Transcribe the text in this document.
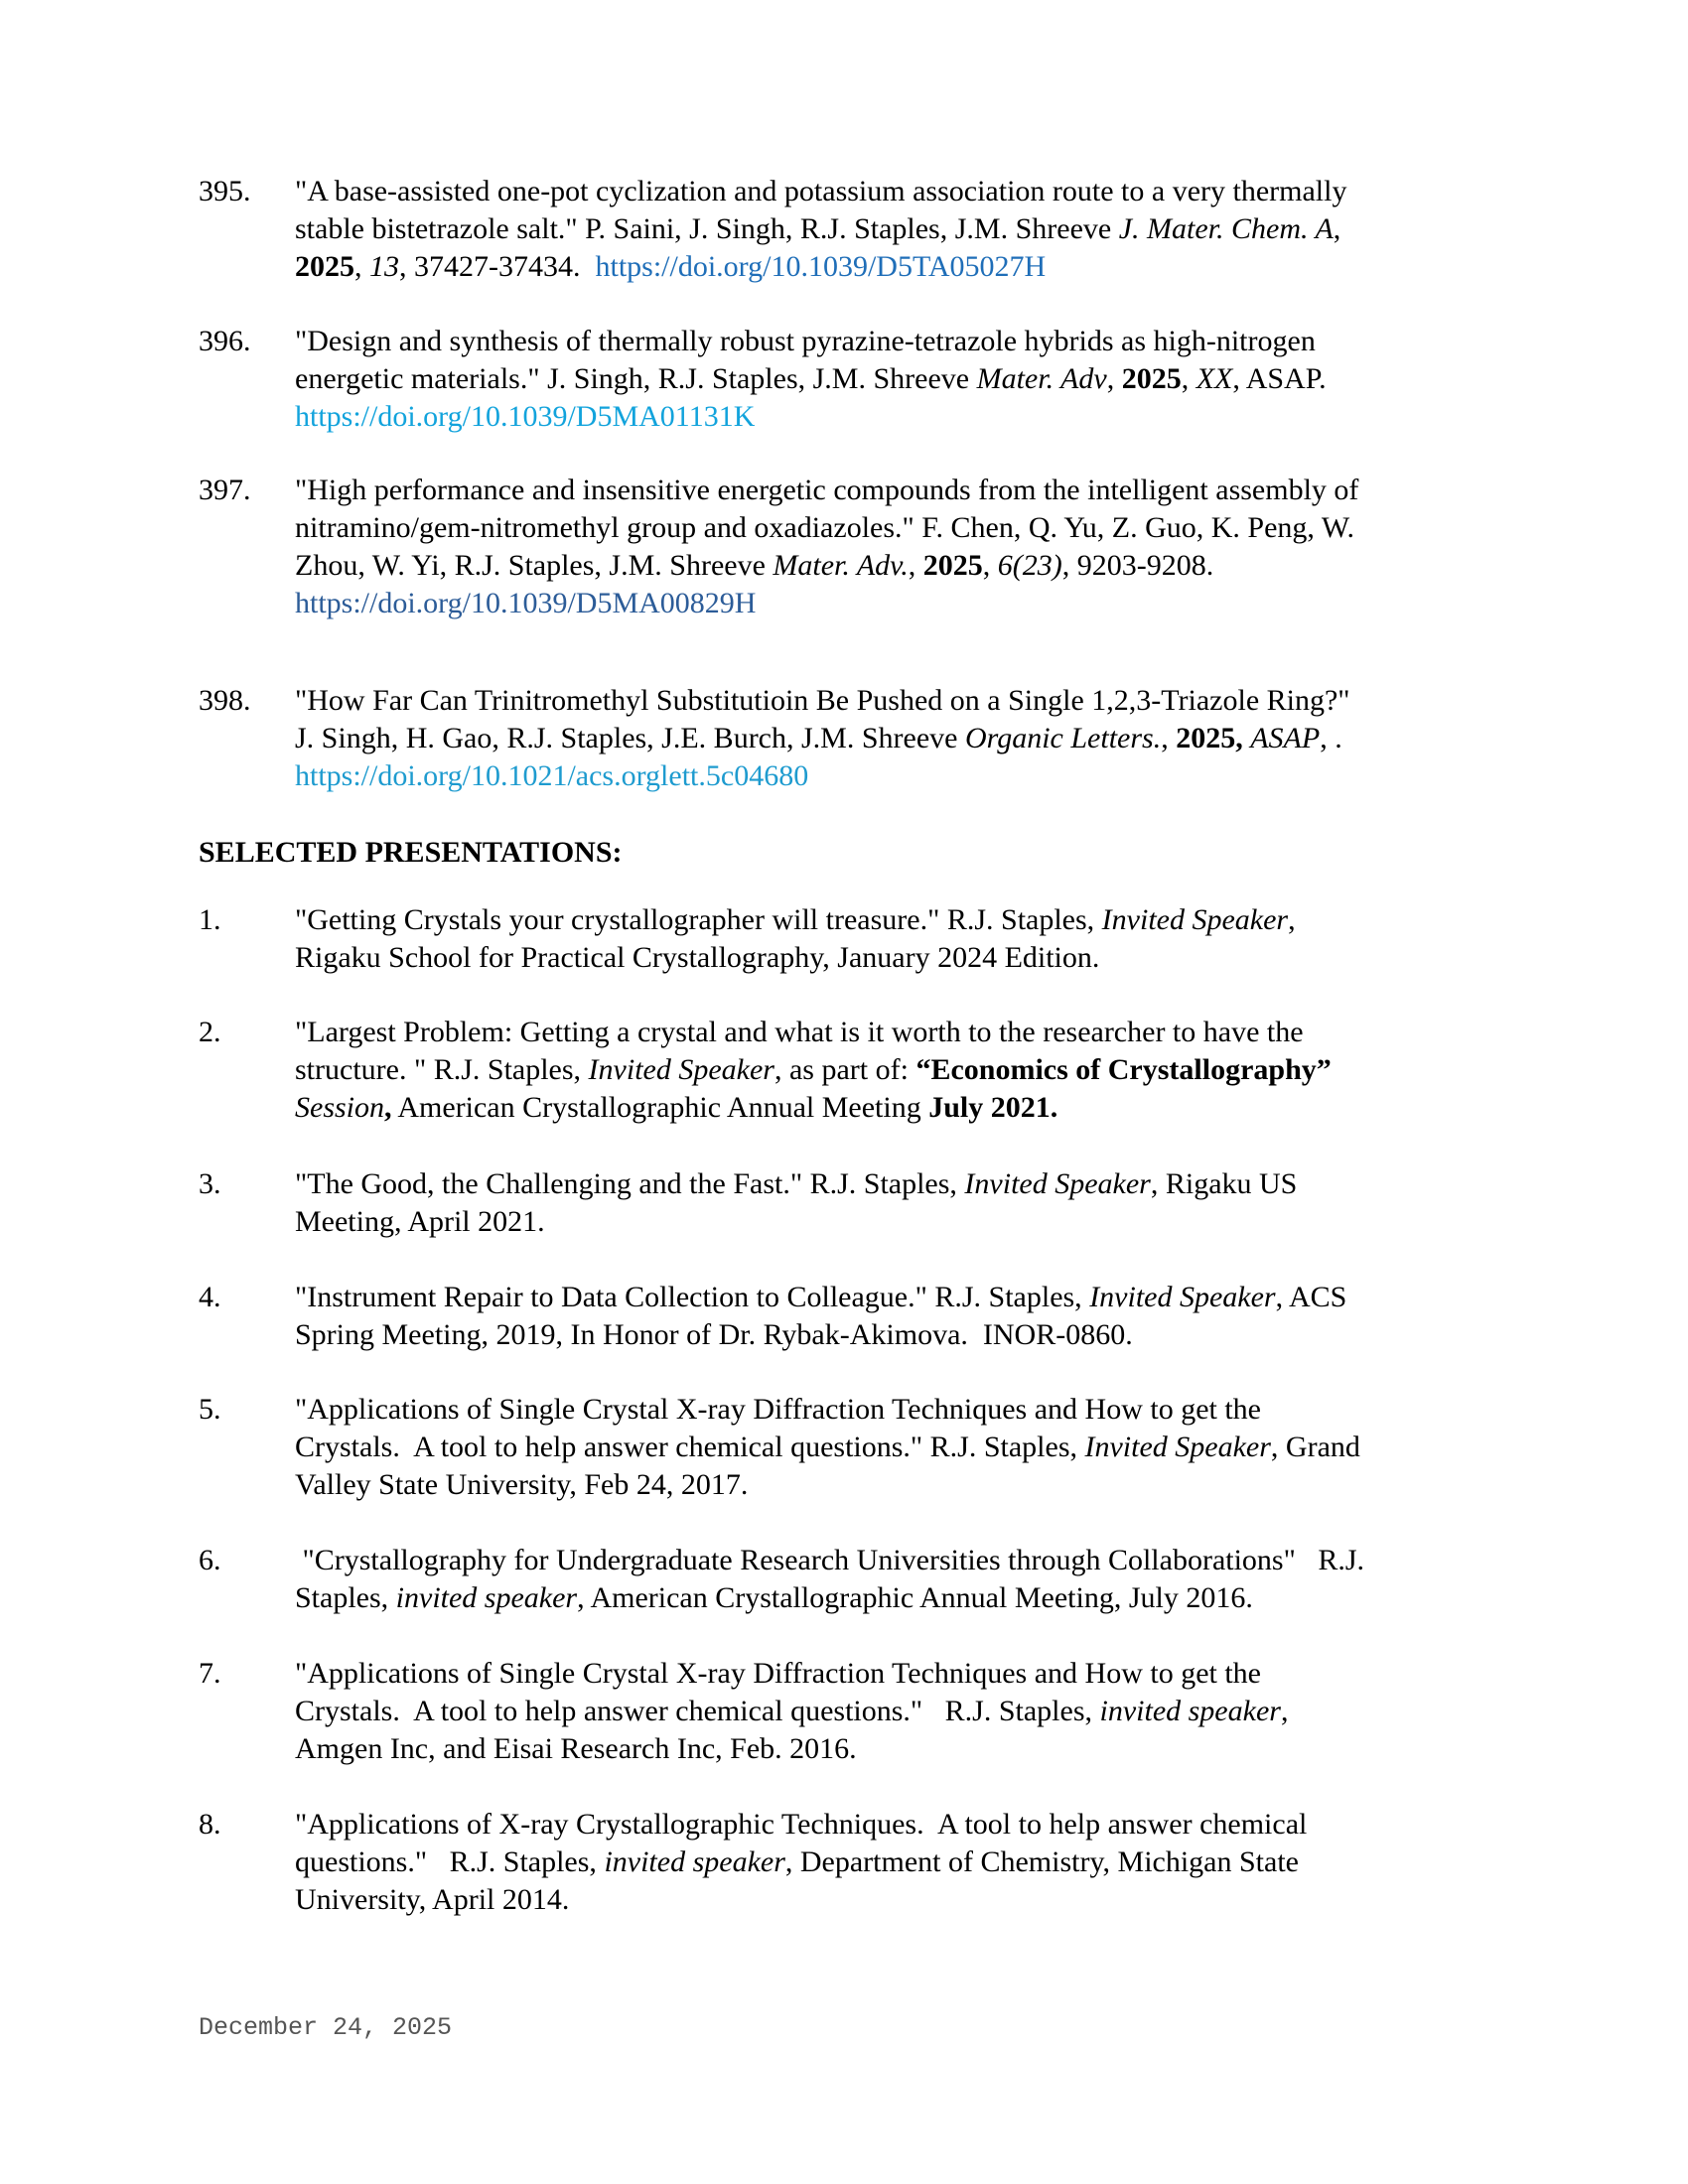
395. "A base-assisted one-pot cyclization and potassium association route to a very thermally
stable bistetrazole salt." P. Saini, J. Singh, R.J. Staples, J.M. Shreeve J. Mater. Chem. A,
2025, 13, 37427-37434.  https://doi.org/10.1039/D5TA05027H
396. "Design and synthesis of thermally robust pyrazine-tetrazole hybrids as high-nitrogen
energetic materials." J. Singh, R.J. Staples, J.M. Shreeve Mater. Adv, 2025, XX, ASAP.
https://doi.org/10.1039/D5MA01131K
397. "High performance and insensitive energetic compounds from the intelligent assembly of
nitramino/gem-nitromethyl group and oxadiazoles." F. Chen, Q. Yu, Z. Guo, K. Peng, W.
Zhou, W. Yi, R.J. Staples, J.M. Shreeve Mater. Adv., 2025, 6(23), 9203-9208.
https://doi.org/10.1039/D5MA00829H
398. "How Far Can Trinitromethyl Substitutioin Be Pushed on a Single 1,2,3-Triazole Ring?"
J. Singh, H. Gao, R.J. Staples, J.E. Burch, J.M. Shreeve Organic Letters., 2025, ASAP, .
https://doi.org/10.1021/acs.orglett.5c04680
SELECTED PRESENTATIONS:
1. "Getting Crystals your crystallographer will treasure." R.J. Staples, Invited Speaker,
Rigaku School for Practical Crystallography, January 2024 Edition.
2. "Largest Problem: Getting a crystal and what is it worth to the researcher to have the
structure. " R.J. Staples, Invited Speaker, as part of: “Economics of Crystallography”
Session, American Crystallographic Annual Meeting July 2021.
3. "The Good, the Challenging and the Fast." R.J. Staples, Invited Speaker, Rigaku US
Meeting, April 2021.
4. "Instrument Repair to Data Collection to Colleague." R.J. Staples, Invited Speaker, ACS
Spring Meeting, 2019, In Honor of Dr. Rybak-Akimova.  INOR-0860.
5. "Applications of Single Crystal X-ray Diffraction Techniques and How to get the
Crystals.  A tool to help answer chemical questions." R.J. Staples, Invited Speaker, Grand
Valley State University, Feb 24, 2017.
6. "Crystallography for Undergraduate Research Universities through Collaborations"   R.J.
Staples, invited speaker, American Crystallographic Annual Meeting, July 2016.
7. "Applications of Single Crystal X-ray Diffraction Techniques and How to get the
Crystals.  A tool to help answer chemical questions."   R.J. Staples, invited speaker,
Amgen Inc, and Eisai Research Inc, Feb. 2016.
8. "Applications of X-ray Crystallographic Techniques.  A tool to help answer chemical
questions."   R.J. Staples, invited speaker, Department of Chemistry, Michigan State
University, April 2014.
December 24, 2025
